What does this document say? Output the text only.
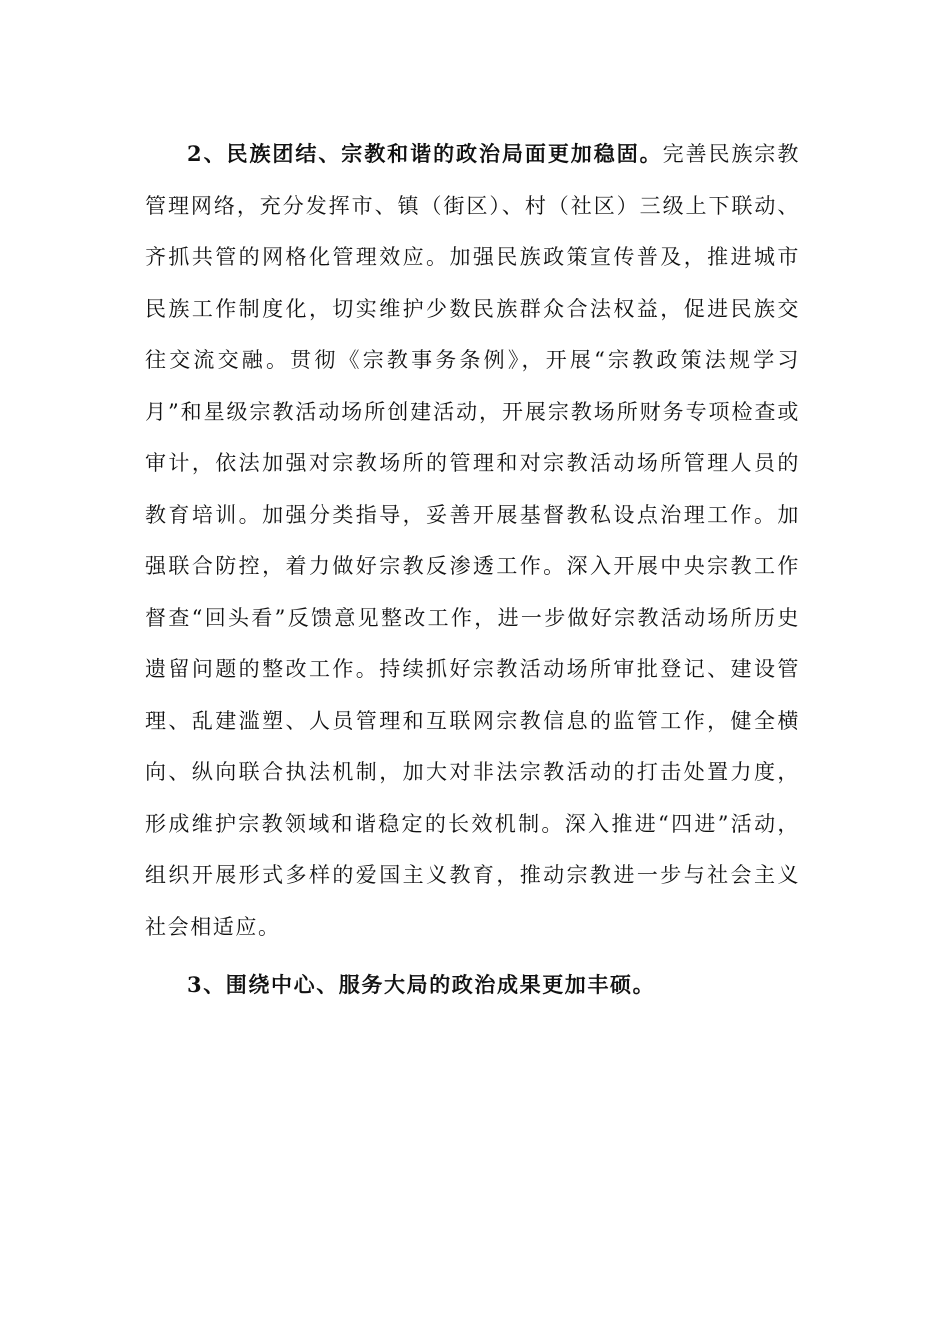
2、民族团结、宗教和谐的政治局面更加稳固。完善民族宗教管理网络，充分发挥市、镇（街区）、村（社区）三级上下联动、齐抓共管的网格化管理效应。加强民族政策宣传普及，推进城市民族工作制度化，切实维护少数民族群众合法权益，促进民族交往交流交融。贯彻《宗教事务条例》，开展“宗教政策法规学习月”和星级宗教活动场所创建活动，开展宗教场所财务专项检查或审计，依法加强对宗教场所的管理和对宗教活动场所管理人员的教育培训。加强分类指导，妥善开展基督教私设点治理工作。加强联合防控，着力做好宗教反渗透工作。深入开展中央宗教工作督查“回头看”反馈意见整改工作，进一步做好宗教活动场所历史遗留问题的整改工作。持续抓好宗教活动场所审批登记、建设管理、乱建滥塑、人员管理和互联网宗教信息的监管工作，健全横向、纵向联合执法机制，加大对非法宗教活动的打击处置力度，形成维护宗教领域和谐稳定的长效机制。深入推进“四进”活动，组织开展形式多样的爱国主义教育，推动宗教进一步与社会主义社会相适应。

3、围绕中心、服务大局的政治成果更加丰硕。
